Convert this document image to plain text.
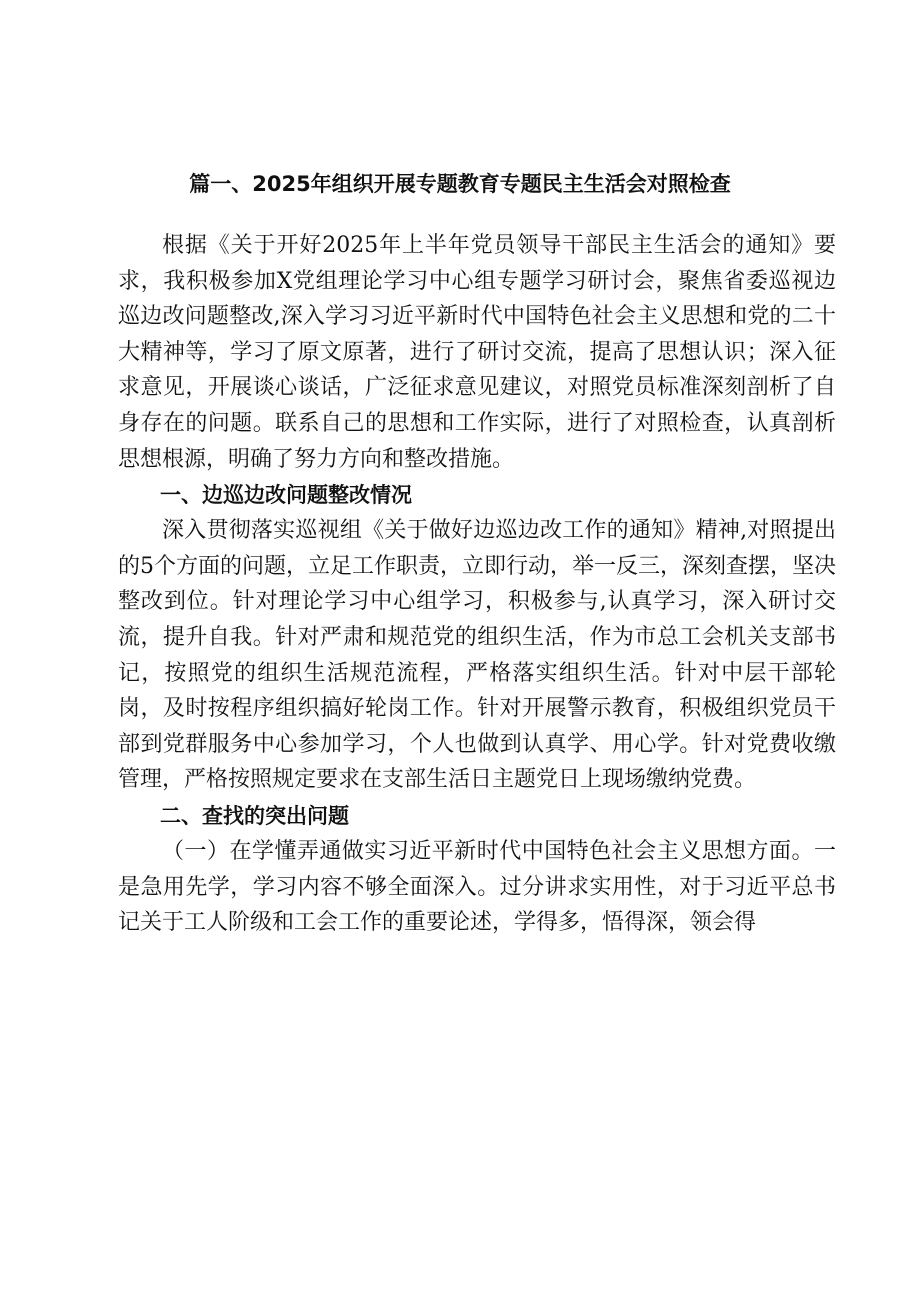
篇一、2025年组织开展专题教育专题民主生活会对照检查

根据《关于开好2025年上半年党员领导干部民主生活会的通知》要求，我积极参加X党组理论学习中心组专题学习研讨会，聚焦省委巡视边巡边改问题整改,深入学习习近平新时代中国特色社会主义思想和党的二十大精神等，学习了原文原著，进行了研讨交流，提高了思想认识；深入征求意见，开展谈心谈话，广泛征求意见建议，对照党员标准深刻剖析了自身存在的问题。联系自己的思想和工作实际，进行了对照检查，认真剖析思想根源，明确了努力方向和整改措施。

一、边巡边改问题整改情况

深入贯彻落实巡视组《关于做好边巡边改工作的通知》精神,对照提出的5个方面的问题，立足工作职责，立即行动，举一反三，深刻查摆，坚决整改到位。针对理论学习中心组学习，积极参与,认真学习，深入研讨交流，提升自我。针对严肃和规范党的组织生活，作为市总工会机关支部书记，按照党的组织生活规范流程，严格落实组织生活。针对中层干部轮岗，及时按程序组织搞好轮岗工作。针对开展警示教育，积极组织党员干部到党群服务中心参加学习，个人也做到认真学、用心学。针对党费收缴管理，严格按照规定要求在支部生活日主题党日上现场缴纳党费。

二、查找的突出问题

（一）在学懂弄通做实习近平新时代中国特色社会主义思想方面。一是急用先学，学习内容不够全面深入。过分讲求实用性，对于习近平总书记关于工人阶级和工会工作的重要论述，学得多，悟得深，领会得
